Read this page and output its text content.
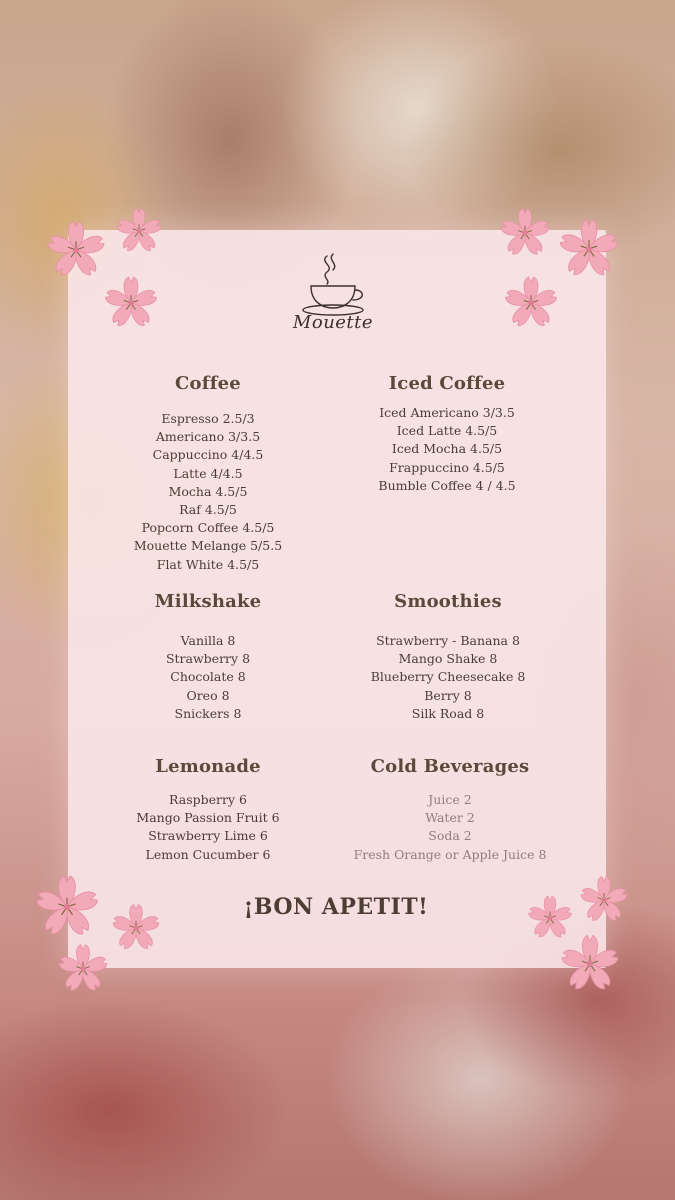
Mouette
Coffee
Espresso 2.5/3
Americano 3/3.5
Cappuccino 4/4.5
Latte 4/4.5
Mocha 4.5/5
Raf 4.5/5
Popcorn Coffee 4.5/5
Mouette Melange 5/5.5
Flat White 4.5/5
Iced Coffee
Iced Americano 3/3.5
Iced Latte 4.5/5
Iced Mocha 4.5/5
Frappuccino 4.5/5
Bumble Coffee 4 / 4.5
Milkshake
Vanilla 8
Strawberry 8
Chocolate 8
Oreo 8
Snickers 8
Smoothies
Strawberry - Banana 8
Mango Shake 8
Blueberry Cheesecake 8
Berry 8
Silk Road 8
Lemonade
Raspberry 6
Mango Passion Fruit 6
Strawberry Lime 6
Lemon Cucumber 6
Cold Beverages
Juice 2
Water 2
Soda 2
Fresh Orange or Apple Juice 8
¡BON APETIT!
